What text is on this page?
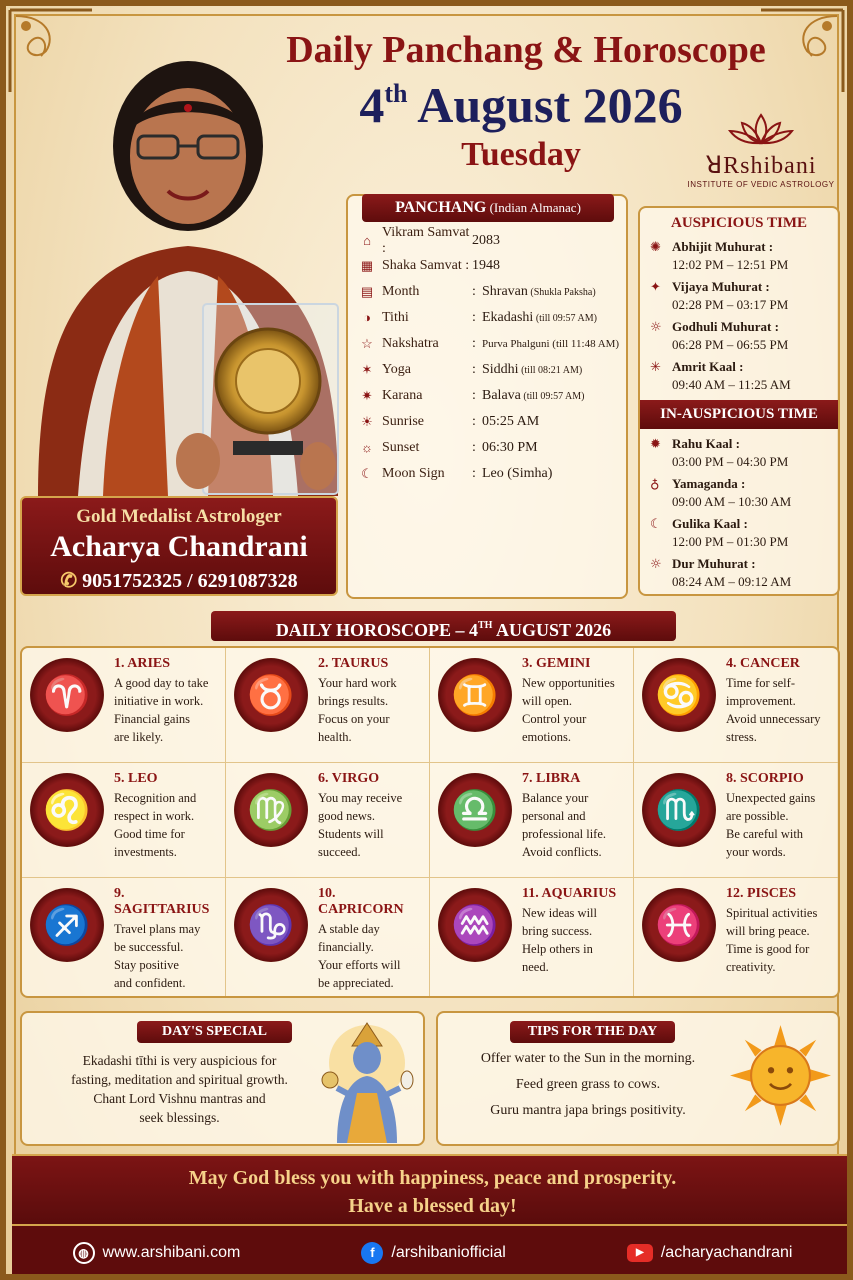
Daily Panchang & Horoscope
4th August 2026
Tuesday	ꓤRshibani
INSTITUTE OF VEDIC ASTROLOGY
Gold Medalist Astrologer
Acharya Chandrani
✆ 9051752325 / 6291087328
PANCHANG (Indian Almanac)
⌂
Vikram Samvat :
2083
▦ Shaka Samvat : 1948
▤ Month	: Shravan (Shukla Paksha)
◑ Tithi	: Ekadashi (till 09:57 AM)
☆ Nakshatra	: Purva Phalguni (till 11:48 AM)
✶ Yoga	: Siddhi (till 08:21 AM)
✷ Karana	: Balava (till 09:57 AM)
☀ Sunrise	: 05:25 AM
☼ Sunset	: 06:30 PM
☾ Moon Sign	: Leo (Simha)
AUSPICIOUS TIME
✺ Abhijit Muhurat :
12:02 PM – 12:51 PM
✦ Vijaya Muhurat :
02:28 PM – 03:17 PM
☼ Godhuli Muhurat :
06:28 PM – 06:55 PM
✳ Amrit Kaal :
09:40 AM – 11:25 AM
IN-AUSPICIOUS TIME
✹ Rahu Kaal :
03:00 PM – 04:30 PM
♁ Yamaganda :
09:00 AM – 10:30 AM
☾ Gulika Kaal :
12:00 PM – 01:30 PM
☼ Dur Muhurat :
08:24 AM – 09:12 AM
DAILY HOROSCOPE – 4TH AUGUST 2026
♈
1. ARIES
A good day to take
initiative in work.
Financial gains
are likely.
♉
2. TAURUS
Your hard work
brings results.
Focus on your
health.
♊
3. GEMINI
New opportunities
will open.
Control your
emotions.
♋
4. CANCER
Time for self-
improvement.
Avoid unnecessary
stress.
♌
5. LEO
Recognition and
respect in work.
Good time for
investments.
♍
6. VIRGO
You may receive
good news.
Students will
succeed.
♎
7. LIBRA
Balance your
personal and
professional life.
Avoid conflicts.
♏
8. SCORPIO
Unexpected gains
are possible.
Be careful with
your words.
♐
9. SAGITTARIUS
Travel plans may
be successful.
Stay positive
and confident.
♑
10. CAPRICORN
A stable day
financially.
Your efforts will
be appreciated.
♒
11. AQUARIUS
New ideas will
bring success.
Help others in
need.
♓
12. PISCES
Spiritual activities
will bring peace.
Time is good for
creativity.
DAY'S SPECIAL
Ekadashi tīthi is very auspicious for
fasting, meditation and spiritual growth.
Chant Lord Vishnu mantras and
seek blessings.
TIPS FOR THE DAY
Offer water to the Sun in the morning.
Feed green grass to cows.
Guru mantra japa brings positivity.
May God bless you with happiness, peace and prosperity.
Have a blessed day!
◍ www.arshibani.com	f	/arshibaniofficial	▶	/acharyachandrani
